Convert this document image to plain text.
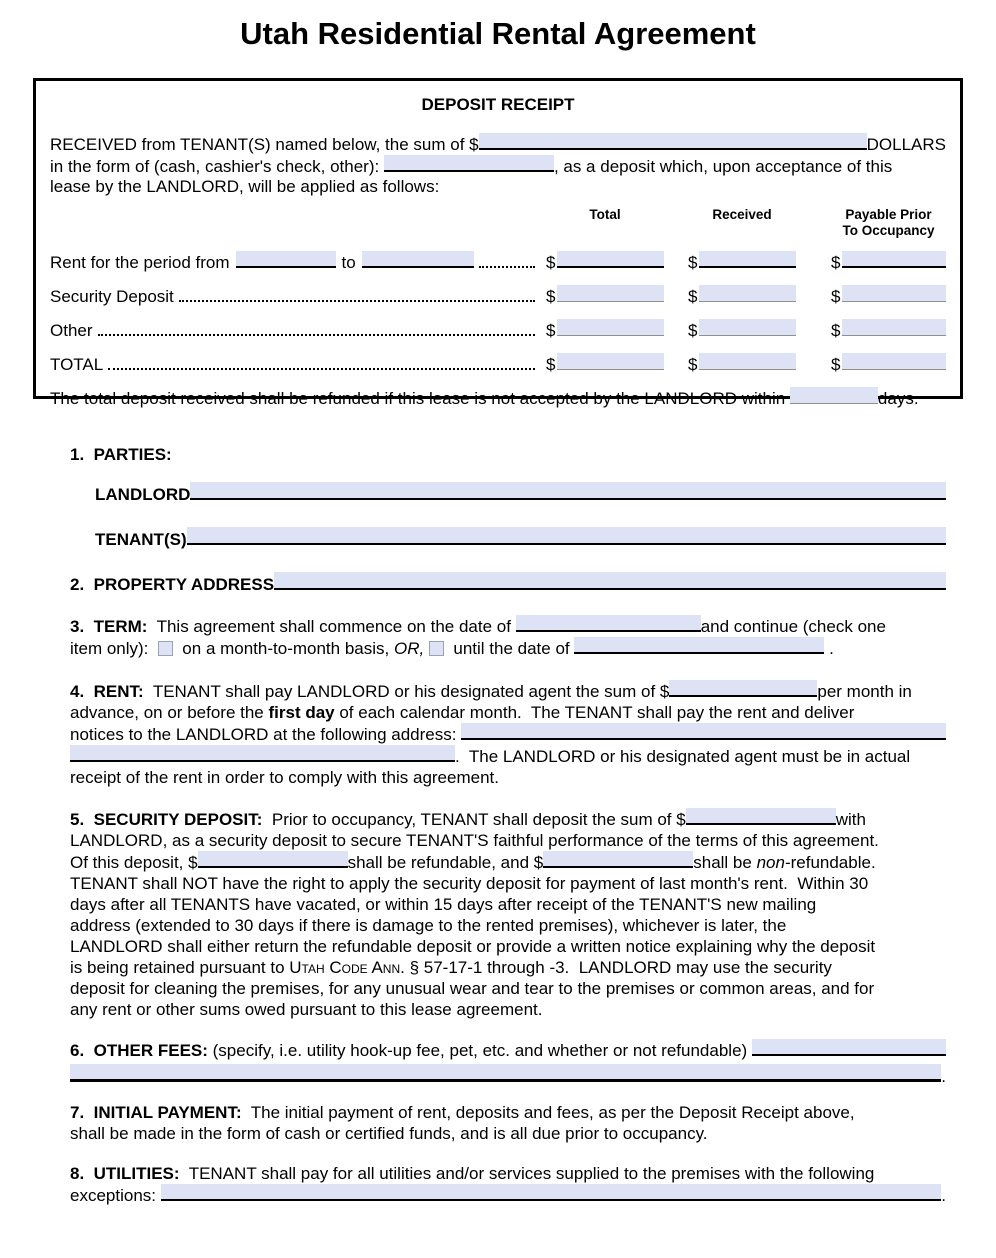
Utah Residential Rental Agreement
DEPOSIT RECEIPT
RECEIVED from TENANT(S) named below, the sum of $	DOLLARS
in the form of (cash, cashier's check, other):	, as a deposit which, upon acceptance of this
lease by the LANDLORD, will be applied as follows:
Total	Received	Payable Prior
To Occupancy
Rent for the period from	to	$	$	$
Security Deposit	$	$	$
Other	$	$	$
TOTAL	$	$	$
The total deposit received shall be refunded if this lease is not accepted by the LANDLORD within	days.
1.  PARTIES:
LANDLORD
TENANT(S)
2.  PROPERTY ADDRESS
3.  TERM:  This agreement shall commence on the date of	and continue (check one
item only):    on a month-to-month basis, OR,   until the date of	.
4.  RENT:  TENANT shall pay LANDLORD or his designated agent the sum of $	per month in
advance, on or before the first day of each calendar month.  The TENANT shall pay the rent and deliver
notices to the LANDLORD at the following address:
.  The LANDLORD or his designated agent must be in actual
receipt of the rent in order to comply with this agreement.
5.  SECURITY DEPOSIT:  Prior to occupancy, TENANT shall deposit the sum of $	with
LANDLORD, as a security deposit to secure TENANT'S faithful performance of the terms of this agreement.
Of this deposit, $	shall be refundable, and $	shall be non-refundable.
TENANT shall NOT have the right to apply the security deposit for payment of last month's rent.  Within 30
days after all TENANTS have vacated, or within 15 days after receipt of the TENANT'S new mailing
address (extended to 30 days if there is damage to the rented premises), whichever is later, the
LANDLORD shall either return the refundable deposit or provide a written notice explaining why the deposit
is being retained pursuant to Utah Code Ann. § 57-17-1 through -3.  LANDLORD may use the security
deposit for cleaning the premises, for any unusual wear and tear to the premises or common areas, and for
any rent or other sums owed pursuant to this lease agreement.
6.  OTHER FEES: (specify, i.e. utility hook-up fee, pet, etc. and whether or not refundable)
.
7.  INITIAL PAYMENT:  The initial payment of rent, deposits and fees, as per the Deposit Receipt above,
shall be made in the form of cash or certified funds, and is all due prior to occupancy.
8.  UTILITIES:  TENANT shall pay for all utilities and/or services supplied to the premises with the following
exceptions:	.
